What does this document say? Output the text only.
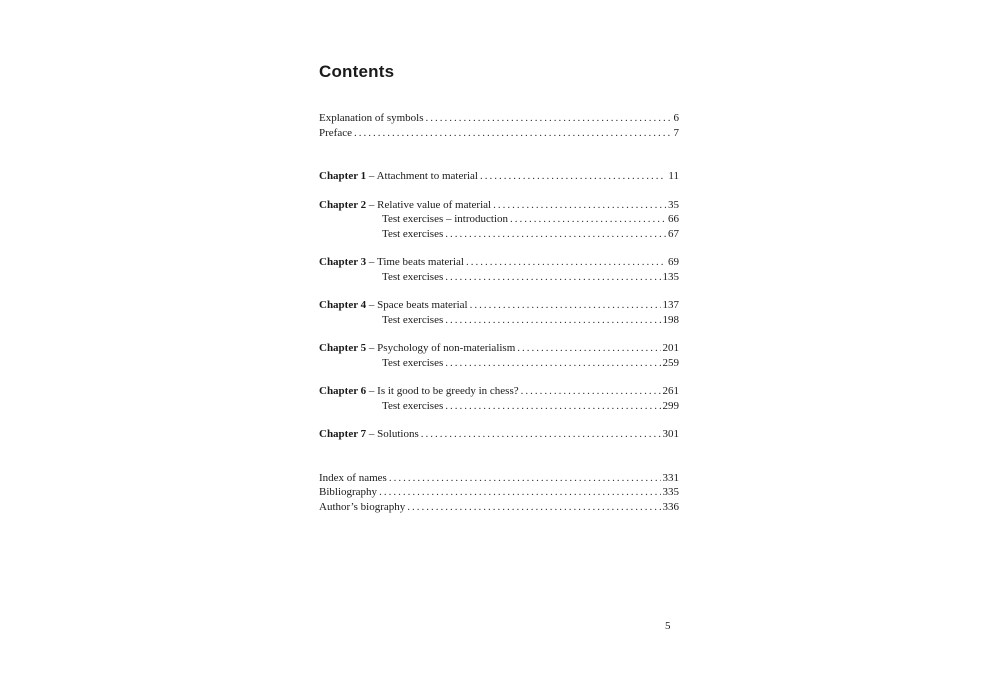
Contents
Explanation of symbols .....	6
Preface .....	7
Chapter 1 – Attachment to material .....	11
Chapter 2 – Relative value of material .....	35
Test exercises – introduction .....	66
Test exercises .....	67
Chapter 3 – Time beats material .....	69
Test exercises .....	135
Chapter 4 – Space beats material .....	137
Test exercises .....	198
Chapter 5 – Psychology of non-materialism .....	201
Test exercises .....	259
Chapter 6 – Is it good to be greedy in chess? .....	261
Test exercises .....	299
Chapter 7 – Solutions .....	301
Index of names .....	331
Bibliography .....	335
Author’s biography .....	336
5
